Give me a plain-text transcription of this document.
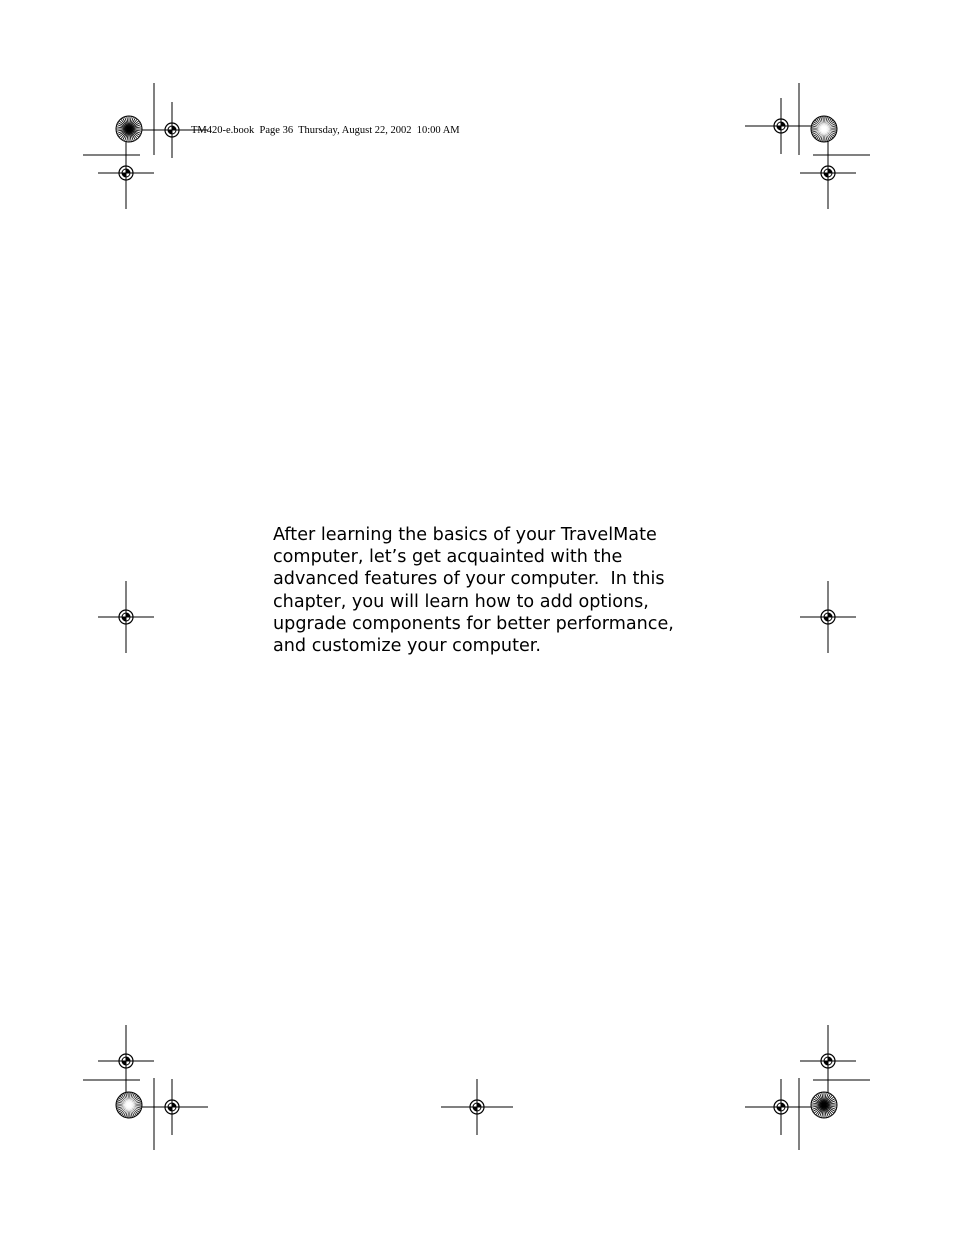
TM420-e.book  Page 36  Thursday, August 22, 2002  10:00 AM

After learning the basics of your TravelMate
computer, let’s get acquainted with the
advanced features of your computer.  In this
chapter, you will learn how to add options,
upgrade components for better performance,
and customize your computer.
